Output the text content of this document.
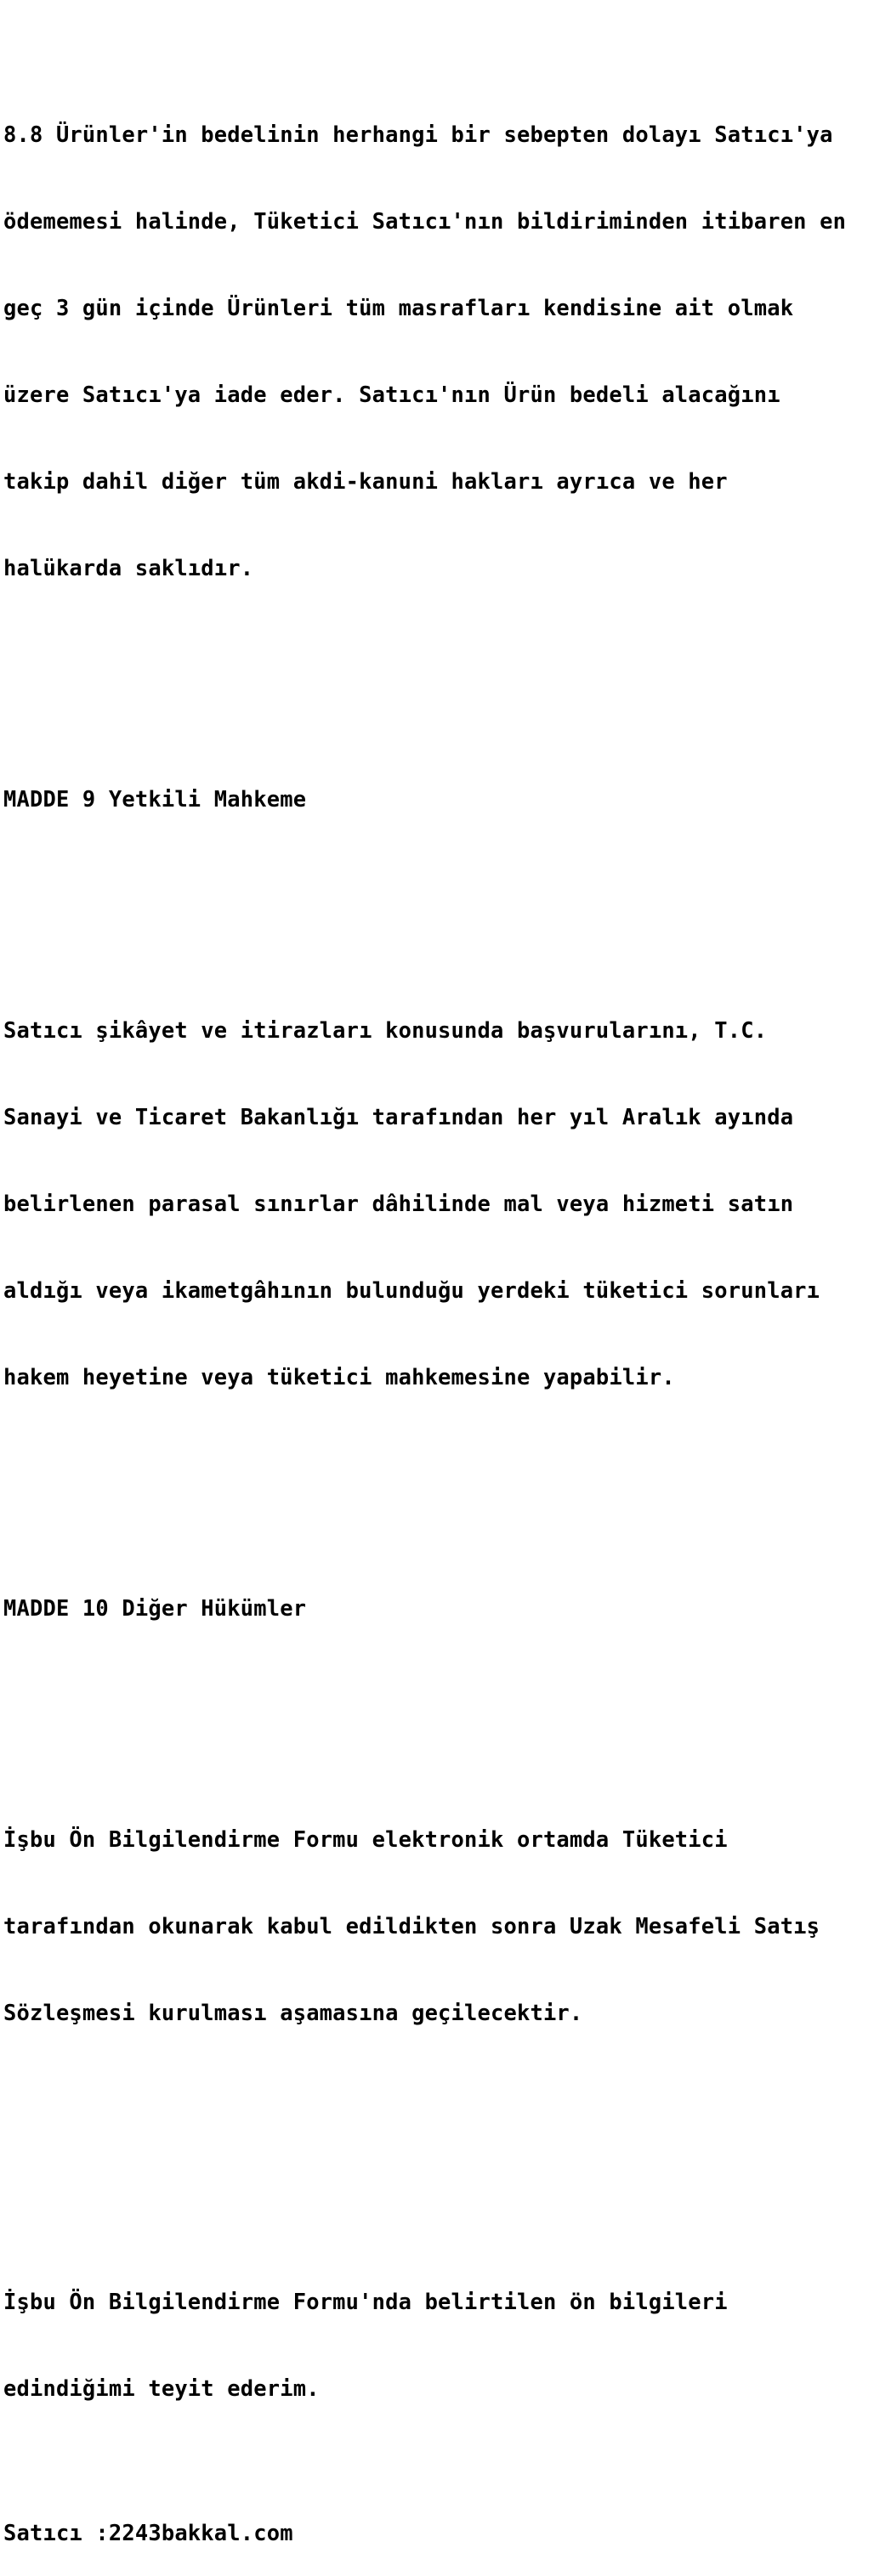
8.8 Ürünler'in bedelinin herhangi bir sebepten dolayı Satıcı'ya

ödememesi halinde, Tüketici Satıcı'nın bildiriminden itibaren en

geç 3 gün içinde Ürünleri tüm masrafları kendisine ait olmak

üzere Satıcı'ya iade eder. Satıcı'nın Ürün bedeli alacağını

takip dahil diğer tüm akdi-kanuni hakları ayrıca ve her

halükarda saklıdır.

MADDE 9 Yetkili Mahkeme

Satıcı şikâyet ve itirazları konusunda başvurularını, T.C.

Sanayi ve Ticaret Bakanlığı tarafından her yıl Aralık ayında

belirlenen parasal sınırlar dâhilinde mal veya hizmeti satın

aldığı veya ikametgâhının bulunduğu yerdeki tüketici sorunları

hakem heyetine veya tüketici mahkemesine yapabilir.

MADDE 10 Diğer Hükümler

İşbu Ön Bilgilendirme Formu elektronik ortamda Tüketici

tarafından okunarak kabul edildikten sonra Uzak Mesafeli Satış

Sözleşmesi kurulması aşamasına geçilecektir.

İşbu Ön Bilgilendirme Formu'nda belirtilen ön bilgileri

edindiğimi teyit ederim.

Satıcı :2243bakkal.com
